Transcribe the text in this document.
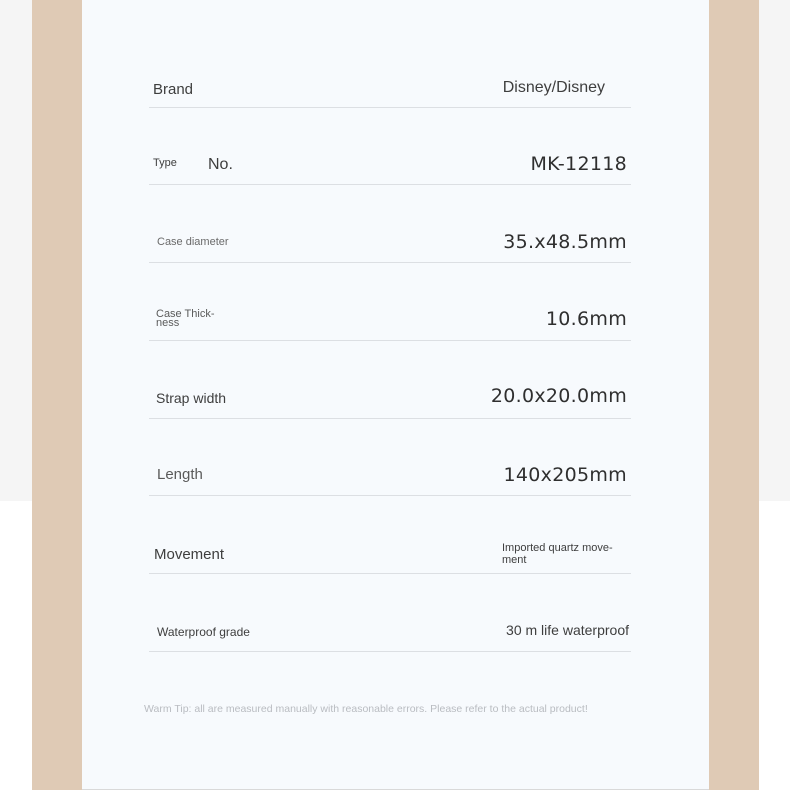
Brand	Disney/Disney
Type No.	MK-12118
Case diameter	35.x48.5mm
Case Thick-
ness	10.6mm
Strap width	20.0x20.0mm
Length	140x205mm
Movement	Imported quartz move-
ment
Waterproof grade	30 m life waterproof
Warm Tip: all are measured manually with reasonable errors. Please refer to the actual product!
